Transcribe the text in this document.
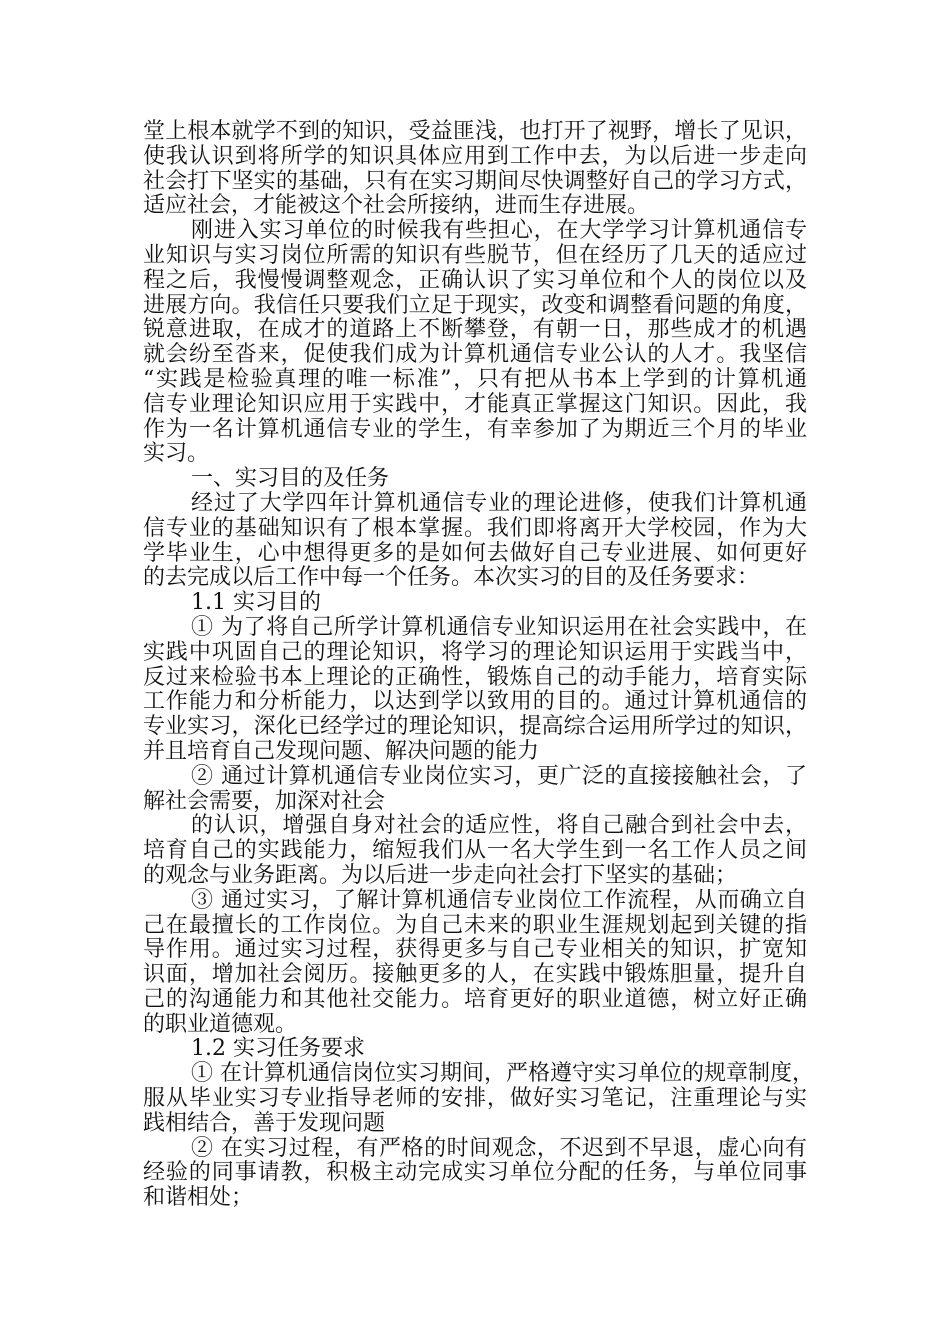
堂上根本就学不到的知识，受益匪浅，也打开了视野，增长了见识，
使我认识到将所学的知识具体应用到工作中去，为以后进一步走向
社会打下坚实的基础，只有在实习期间尽快调整好自己的学习方式，
适应社会，才能被这个社会所接纳，进而生存进展。
刚进入实习单位的时候我有些担心，在大学学习计算机通信专
业知识与实习岗位所需的知识有些脱节，但在经历了几天的适应过
程之后，我慢慢调整观念，正确认识了实习单位和个人的岗位以及
进展方向。我信任只要我们立足于现实，改变和调整看问题的角度，
锐意进取，在成才的道路上不断攀登，有朝一日，那些成才的机遇
就会纷至沓来，促使我们成为计算机通信专业公认的人才。我坚信
“实践是检验真理的唯一标准”，只有把从书本上学到的计算机通
信专业理论知识应用于实践中，才能真正掌握这门知识。因此，我
作为一名计算机通信专业的学生，有幸参加了为期近三个月的毕业
实习。
一、实习目的及任务
经过了大学四年计算机通信专业的理论进修，使我们计算机通
信专业的基础知识有了根本掌握。我们即将离开大学校园，作为大
学毕业生，心中想得更多的是如何去做好自己专业进展、如何更好
的去完成以后工作中每一个任务。本次实习的目的及任务要求：
1.1 实习目的
① 为了将自己所学计算机通信专业知识运用在社会实践中，在
实践中巩固自己的理论知识，将学习的理论知识运用于实践当中，
反过来检验书本上理论的正确性，锻炼自己的动手能力，培育实际
工作能力和分析能力，以达到学以致用的目的。通过计算机通信的
专业实习，深化已经学过的理论知识，提高综合运用所学过的知识，
并且培育自己发现问题、解决问题的能力
② 通过计算机通信专业岗位实习，更广泛的直接接触社会，了
解社会需要，加深对社会
的认识，增强自身对社会的适应性，将自己融合到社会中去，
培育自己的实践能力，缩短我们从一名大学生到一名工作人员之间
的观念与业务距离。为以后进一步走向社会打下坚实的基础；
③ 通过实习，了解计算机通信专业岗位工作流程，从而确立自
己在最擅长的工作岗位。为自己未来的职业生涯规划起到关键的指
导作用。通过实习过程，获得更多与自己专业相关的知识，扩宽知
识面，增加社会阅历。接触更多的人，在实践中锻炼胆量，提升自
己的沟通能力和其他社交能力。培育更好的职业道德，树立好正确
的职业道德观。
1.2 实习任务要求
① 在计算机通信岗位实习期间，严格遵守实习单位的规章制度，
服从毕业实习专业指导老师的安排，做好实习笔记，注重理论与实
践相结合，善于发现问题
② 在实习过程，有严格的时间观念，不迟到不早退，虚心向有
经验的同事请教，积极主动完成实习单位分配的任务，与单位同事
和谐相处；
